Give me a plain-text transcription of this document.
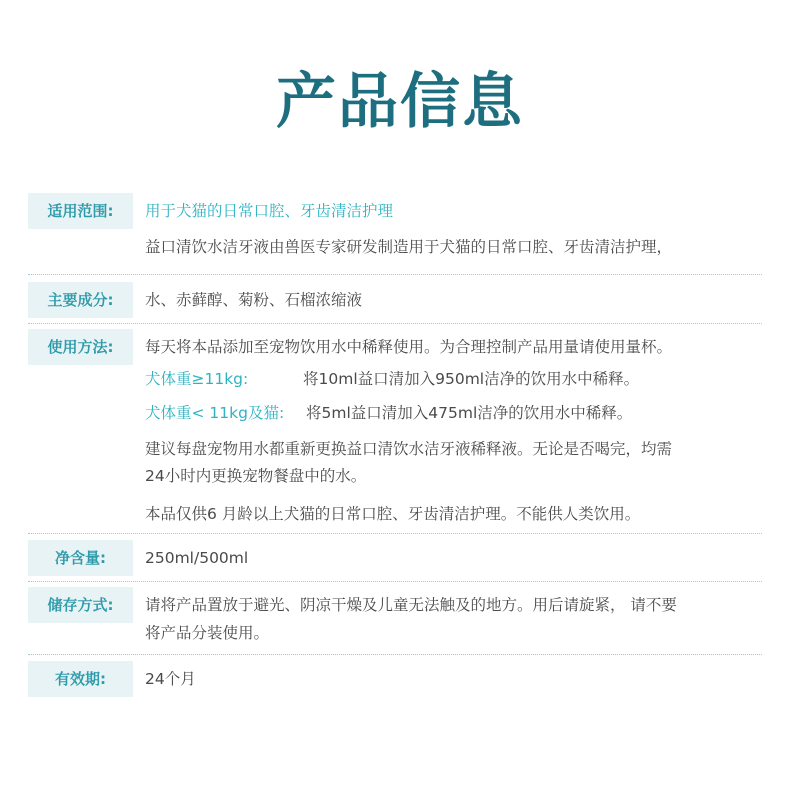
产品信息
适用范围:	用于犬猫的日常口腔、牙齿清洁护理
益口清饮水洁牙液由兽医专家研发制造用于犬猫的日常口腔、牙齿清洁护理，
主要成分:	水、赤藓醇、菊粉、石榴浓缩液
使用方法:	每天将本品添加至宠物饮用水中稀释使用。为合理控制产品用量请使用量杯。
犬体重≥11kg:	将10ml益口清加入950ml洁净的饮用水中稀释。
犬体重< 11kg及猫: 将5ml益口清加入475ml洁净的饮用水中稀释。
建议每盘宠物用水都重新更换益口清饮水洁牙液稀释液。无论是否喝完，均需
24小时内更换宠物餐盘中的水。
本品仅供6 月龄以上犬猫的日常口腔、牙齿清洁护理。不能供人类饮用。
净含量:	250ml/500ml
储存方式:	请将产品置放于避光、阴凉干燥及儿童无法触及的地方。用后请旋紧， 请不要
将产品分装使用。
有效期:	24个月
